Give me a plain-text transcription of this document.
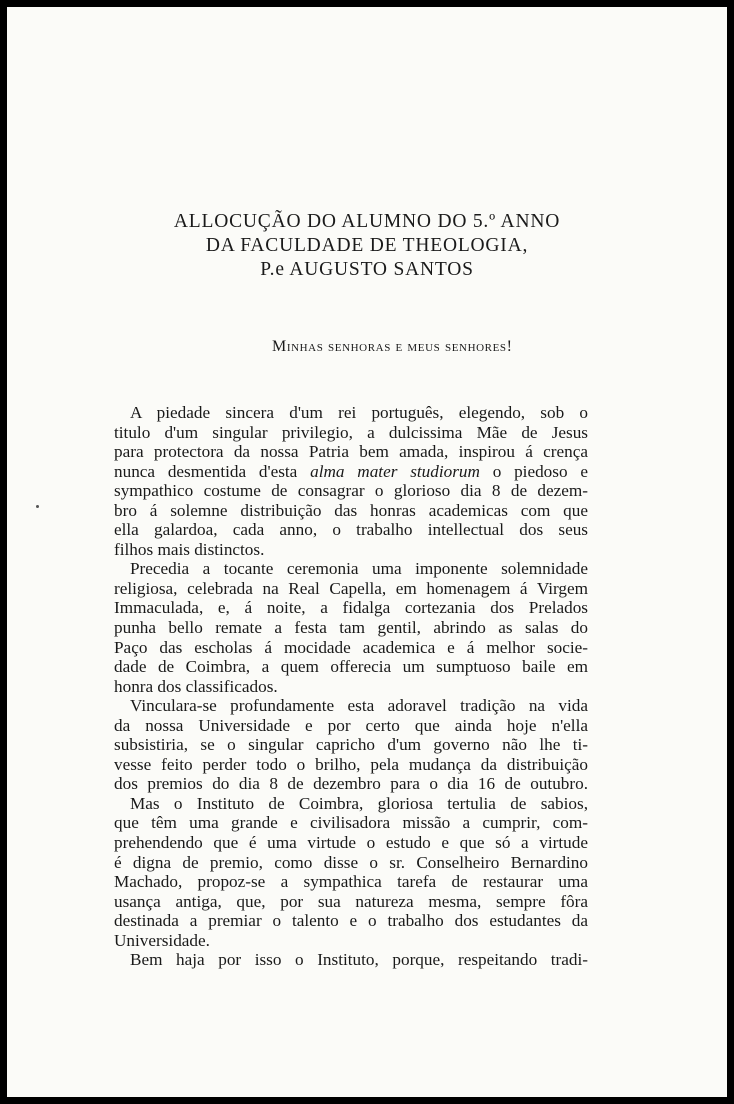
ALLOCUÇÃO DO ALUMNO DO 5.º ANNO
DA FACULDADE DE THEOLOGIA,
P.e AUGUSTO SANTOS
Minhas senhoras e meus senhores!
A piedade sincera d'um rei português, elegendo, sob o
titulo d'um singular privilegio, a dulcissima Mãe de Jesus
para protectora da nossa Patria bem amada, inspirou á crença
nunca desmentida d'esta alma mater studiorum o piedoso e
sympathico costume de consagrar o glorioso dia 8 de dezem-
bro á solemne distribuição das honras academicas com que
ella galardoa, cada anno, o trabalho intellectual dos seus
filhos mais distinctos.
Precedia a tocante ceremonia uma imponente solemnidade
religiosa, celebrada na Real Capella, em homenagem á Virgem
Immaculada, e, á noite, a fidalga cortezania dos Prelados
punha bello remate a festa tam gentil, abrindo as salas do
Paço das escholas á mocidade academica e á melhor socie-
dade de Coimbra, a quem offerecia um sumptuoso baile em
honra dos classificados.
Vinculara-se profundamente esta adoravel tradição na vida
da nossa Universidade e por certo que ainda hoje n'ella
subsistiria, se o singular capricho d'um governo não lhe ti-
vesse feito perder todo o brilho, pela mudança da distribuição
dos premios do dia 8 de dezembro para o dia 16 de outubro.
Mas o Instituto de Coimbra, gloriosa tertulia de sabios,
que têm uma grande e civilisadora missão a cumprir, com-
prehendendo que é uma virtude o estudo e que só a virtude
é digna de premio, como disse o sr. Conselheiro Bernardino
Machado, propoz-se a sympathica tarefa de restaurar uma
usança antiga, que, por sua natureza mesma, sempre fôra
destinada a premiar o talento e o trabalho dos estudantes da
Universidade.
Bem haja por isso o Instituto, porque, respeitando tradi-
